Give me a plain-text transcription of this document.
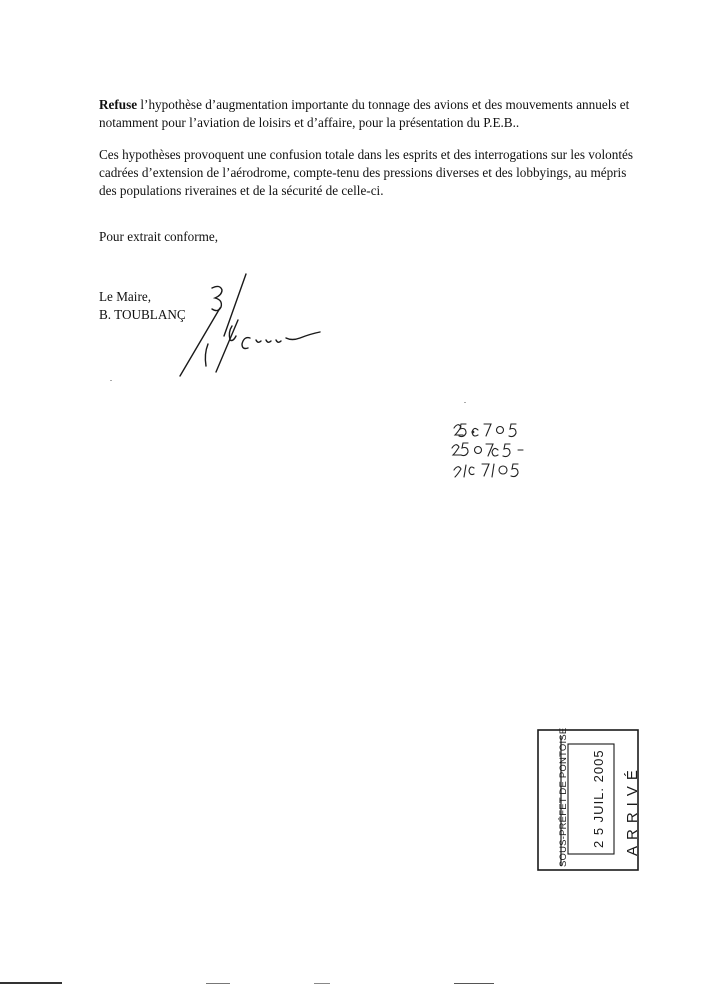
Refuse l’hypothèse d’augmentation importante du tonnage des avions et des mouvements annuels et notamment pour l’aviation de loisirs et d’affaire, pour la présentation du P.E.B..

Ces hypothèses provoquent une confusion totale dans les esprits et des interrogations sur les volontés cadrées d’extension de l’aérodrome, compte-tenu des pressions diverses et des lobbyings, au mépris des populations riveraines et de la sécurité de celle-ci.

Pour extrait conforme,

Le Maire,
B. TOUBLANÇ
SOUS-PRÉFET DE PONTOISE 2 5 JUIL. 2005 ARRIVÉ
